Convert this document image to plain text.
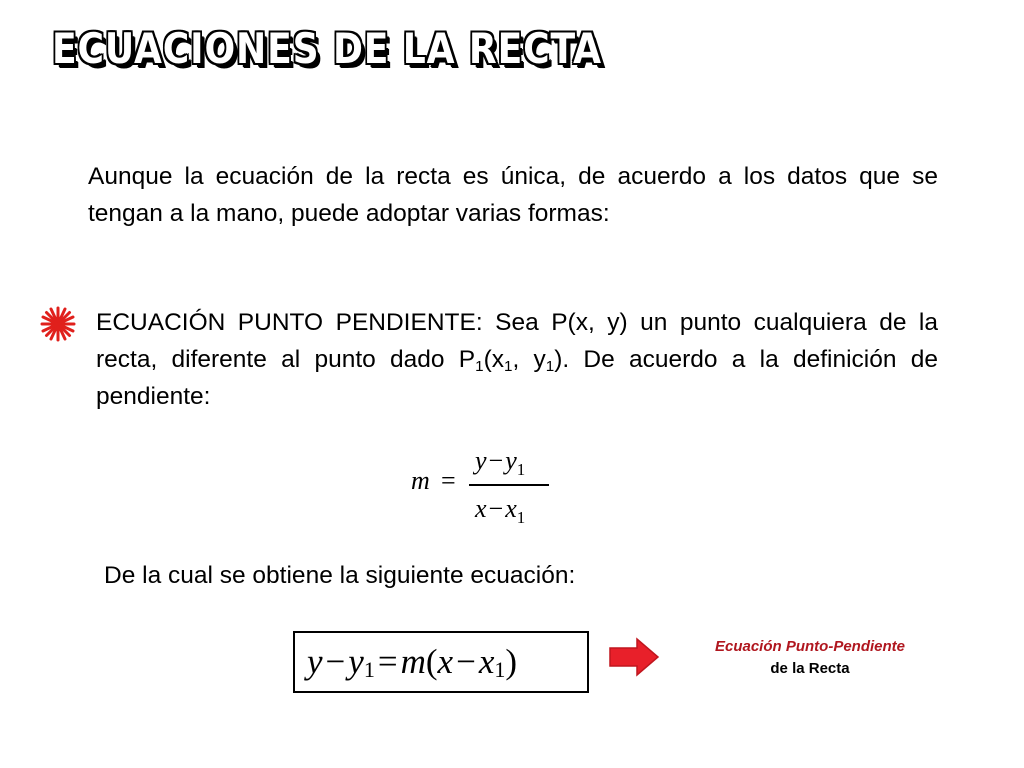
ECUACIONES DE LA RECTA
Aunque la ecuación de la recta es única, de acuerdo a los datos que se tengan a la mano, puede adoptar varias formas:
ECUACIÓN PUNTO PENDIENTE: Sea P(x, y) un punto cualquiera de la recta, diferente al punto dado $P_1(x_1$, $y_1$). De acuerdo a la definición de pendiente:
m =
$y-y_1$
$x-x_1$
De la cual se obtiene la siguiente ecuación:
y − y 1 = m ( x − x 1 )	Ecuación Punto-Pendiente
de la Recta
